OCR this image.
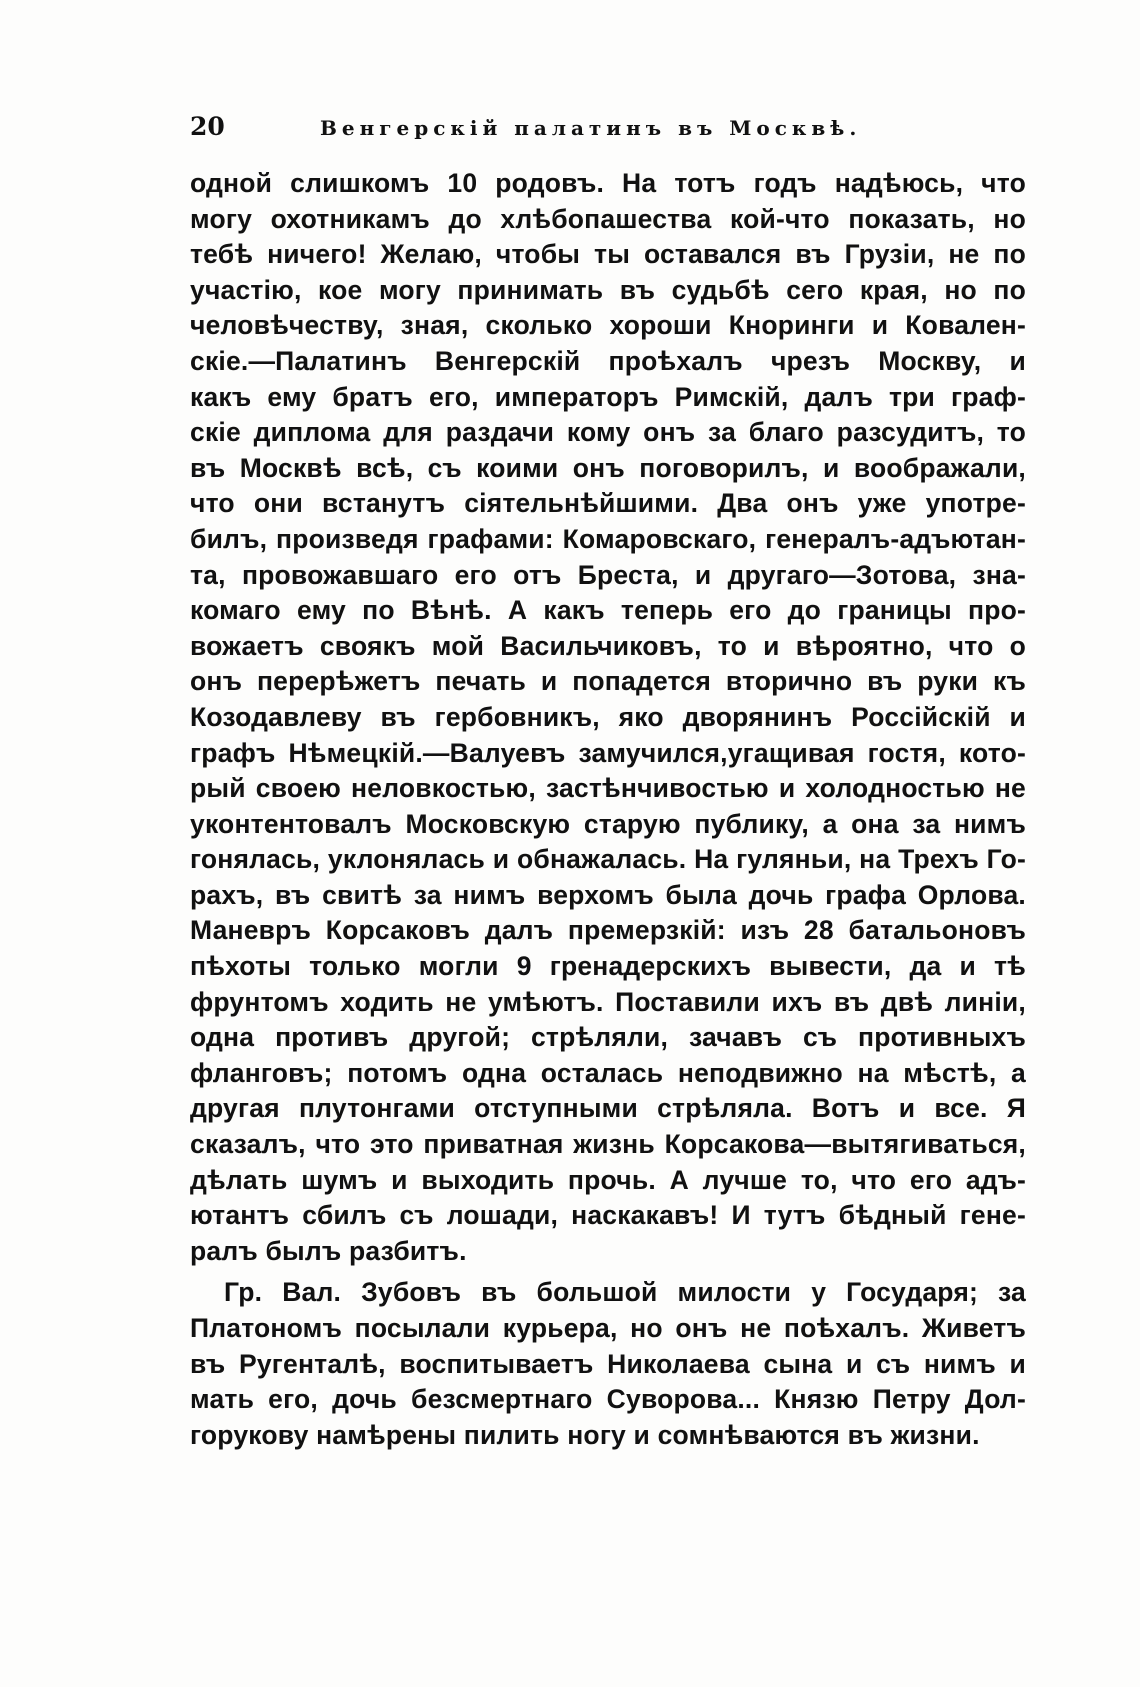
20	Венгерскій палатинъ въ Москвѣ.
одной слишкомъ 10 родовъ. На тотъ годъ надѣюсь, что
могу охотникамъ до хлѣбопашества кой-что показать, но
тебѣ ничего! Желаю, чтобы ты оставался въ Грузіи, не по
участію, кое могу принимать въ судьбѣ сего края, но по
человѣчеству, зная, сколько хороши Кноринги и Ковален-
скіе.—Палатинъ Венгерскій проѣхалъ чрезъ Москву, и
какъ ему братъ его, императоръ Римскій, далъ три граф-
скіе диплома для раздачи кому онъ за благо разсудитъ, то
въ Москвѣ всѣ, съ коими онъ поговорилъ, и воображали,
что они встанутъ сіятельнѣйшими. Два онъ уже употре-
билъ, произведя графами: Комаровскаго, генералъ-адъютан-
та, провожавшаго его отъ Бреста, и другаго—Зотова, зна-
комаго ему по Вѣнѣ. А какъ теперь его до границы про-
вожаетъ своякъ мой Васильчиковъ, то и вѣроятно, что о
онъ перерѣжетъ печать и попадется вторично въ руки къ
Козодавлеву въ гербовникъ, яко дворянинъ Россійскій и
графъ Нѣмецкій.—Валуевъ замучился,угащивая гостя, кото-
рый своею неловкостью, застѣнчивостью и холодностью не
уконтентовалъ Московскую старую публику, а она за нимъ
гонялась, уклонялась и обнажалась. На гуляньи, на Трехъ Го-
рахъ, въ свитѣ за нимъ верхомъ была дочь графа Орлова.
Маневръ Корсаковъ далъ премерзкій: изъ 28 батальоновъ
пѣхоты только могли 9 гренадерскихъ вывести, да и тѣ
фрунтомъ ходить не умѣютъ. Поставили ихъ въ двѣ линіи,
одна противъ другой; стрѣляли, зачавъ съ противныхъ
фланговъ; потомъ одна осталась неподвижно на мѣстѣ, а
другая плутонгами отступными стрѣляла. Вотъ и все. Я
сказалъ, что это приватная жизнь Корсакова—вытягиваться,
дѣлать шумъ и выходить прочь. А лучше то, что его адъ-
ютантъ сбилъ съ лошади, наскакавъ! И тутъ бѣдный гене-
ралъ былъ разбитъ.
Гр. Вал. Зубовъ въ большой милости у Государя; за
Платономъ посылали курьера, но онъ не поѣхалъ. Живетъ
въ Ругенталѣ, воспитываетъ Николаева сына и съ нимъ и
мать его, дочь безсмертнаго Суворова... Князю Петру Дол-
горукову намѣрены пилить ногу и сомнѣваются въ жизни.
